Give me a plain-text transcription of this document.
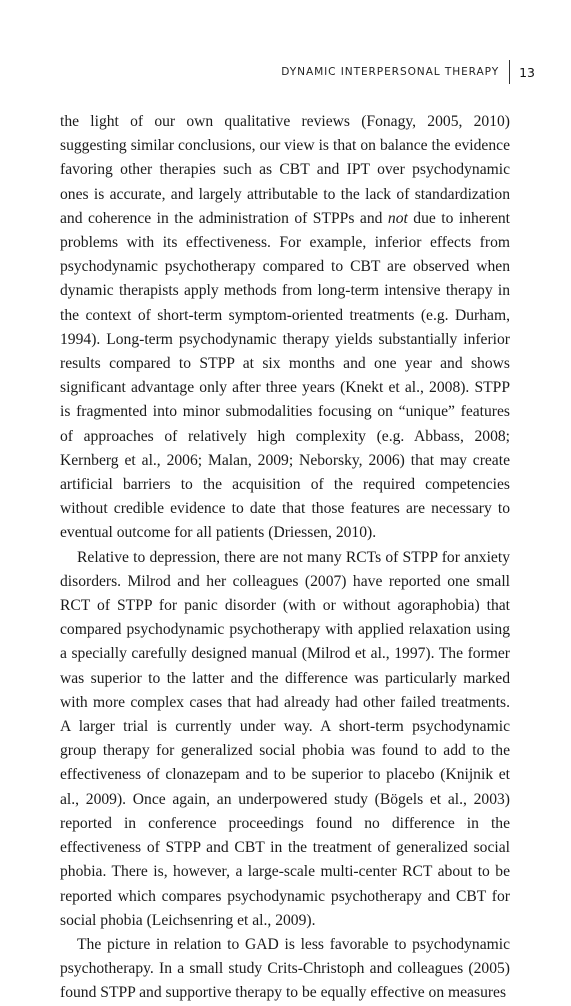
DYNAMIC INTERPERSONAL THERAPY 13

the light of our own qualitative reviews (Fonagy, 2005, 2010) suggesting similar conclusions, our view is that on balance the evidence favoring other therapies such as CBT and IPT over psychodynamic ones is accurate, and largely attributable to the lack of standardization and coherence in the administration of STPPs and not due to inherent problems with its effectiveness. For example, inferior effects from psychodynamic psychotherapy compared to CBT are observed when dynamic therapists apply methods from long-term intensive therapy in the context of short-term symptom-oriented treatments (e.g. Durham, 1994). Long-term psychodynamic therapy yields substantially inferior results compared to STPP at six months and one year and shows significant advantage only after three years (Knekt et al., 2008). STPP is fragmented into minor submodalities focusing on “unique” features of approaches of relatively high complexity (e.g. Abbass, 2008; Kernberg et al., 2006; Malan, 2009; Neborsky, 2006) that may create artificial barriers to the acquisition of the required competencies without credible evidence to date that those features are necessary to eventual outcome for all patients (Driessen, 2010).

Relative to depression, there are not many RCTs of STPP for anxiety disorders. Milrod and her colleagues (2007) have reported one small RCT of STPP for panic disorder (with or without agoraphobia) that compared psychodynamic psychotherapy with applied relaxation using a specially carefully designed manual (Milrod et al., 1997). The former was superior to the latter and the difference was particularly marked with more complex cases that had already had other failed treatments. A larger trial is currently under way. A short-term psychodynamic group therapy for generalized social phobia was found to add to the effectiveness of clonazepam and to be superior to placebo (Knijnik et al., 2009). Once again, an underpowered study (Bögels et al., 2003) reported in conference proceedings found no difference in the effectiveness of STPP and CBT in the treatment of generalized social phobia. There is, however, a large-scale multi-center RCT about to be reported which compares psychodynamic psychotherapy and CBT for social phobia (Leichsenring et al., 2009).

The picture in relation to GAD is less favorable to psychodynamic psychotherapy. In a small study Crits-Christoph and colleagues (2005) found STPP and supportive therapy to be equally effective on measures
